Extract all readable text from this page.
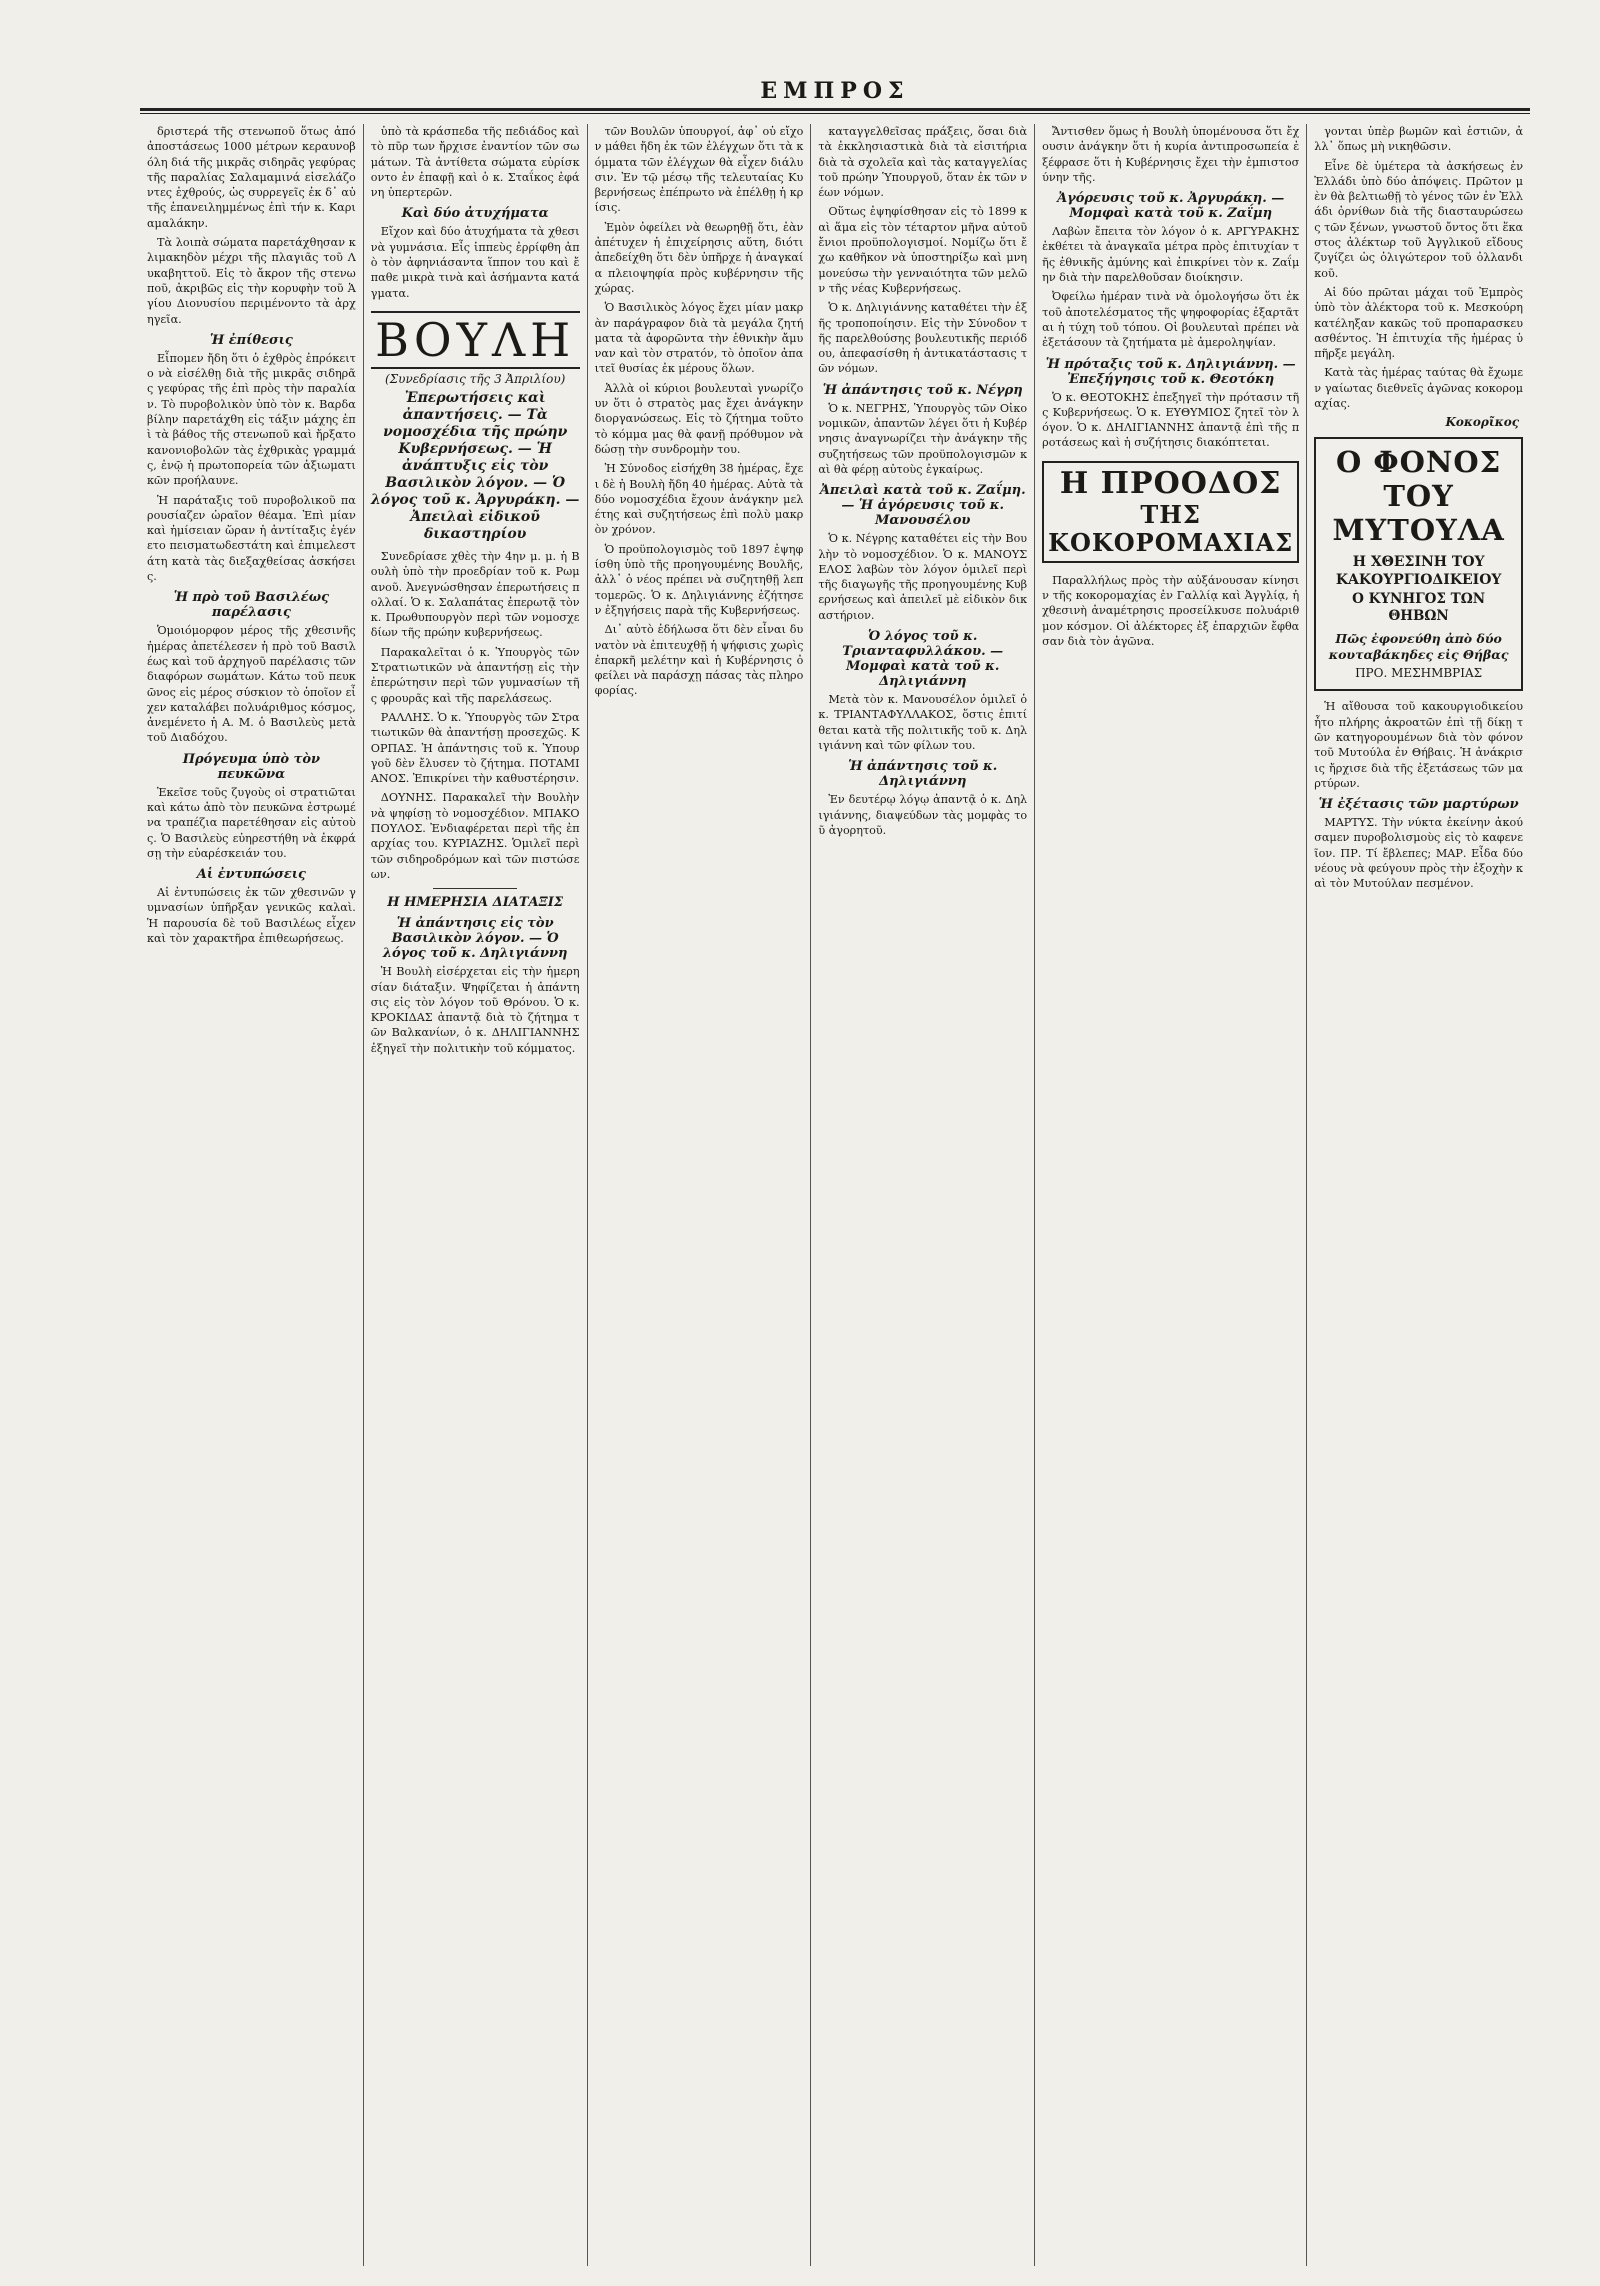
ΕΜΠΡΟΣ

δριστερά τῆς στενωποῦ ὅτως ἀπό ἀποστάσεως 1000 μέτρων κεραυνοβόλη διά τῆς μικρᾶς σιδηρᾶς γεφύρας τῆς παραλίας Σαλαμαμινά εἰσελάζοντες ἐχθρούς, ὡς συρρεγεῖς ἐκ δ᾽ αὐτῆς ἐπανειλημμένως ἐπὶ τήν κ. Καριαμαλάκην.

Τὰ λοιπὰ σώματα παρετάχθησαν κλιμακηδὸν μέχρι τῆς πλαγιᾶς τοῦ Λυκαβηττοῦ. Εἰς τὸ ἄκρον τῆς στενωποῦ, ἀκριβῶς εἰς τὴν κορυφὴν τοῦ Ἁγίου Διονυσίου περιμένοντο τὰ ἀρχηγεῖα.

Ἡ ἐπίθεσις

Εἶπομεν ἤδη ὅτι ὁ ἐχθρὸς ἐπρόκειτο νὰ εἰσέλθῃ διὰ τῆς μικρᾶς σιδηρᾶς γεφύρας τῆς ἐπὶ πρὸς τὴν παραλίαν. Τὸ πυροβολικὸν ὑπὸ τὸν κ. Βαρδαβίλην παρετάχθη εἰς τάξιν μάχης ἐπὶ τὰ βάθος τῆς στενωποῦ καὶ ἤρξατο κανονιοβολῶν τὰς ἐχθρικὰς γραμμάς, ἐνῷ ἡ πρωτοπορεία τῶν ἀξιωματικῶν προήλαυνε.

Ἡ παράταξις τοῦ πυροβολικοῦ παρουσίαζεν ὡραῖον θέαμα. Ἐπὶ μίαν καὶ ἡμίσειαν ὥραν ἡ ἀντίταξις ἐγένετο πεισματωδεστάτη καὶ ἐπιμελεστάτη κατὰ τὰς διεξαχθείσας ἀσκήσεις.

Ἡ πρὸ τοῦ Βασιλέως παρέλασις

Ὁμοιόμορφον μέρος τῆς χθεσινῆς ἡμέρας ἀπετέλεσεν ἡ πρὸ τοῦ Βασιλέως καὶ τοῦ ἀρχηγοῦ παρέλασις τῶν διαφόρων σωμάτων. Κάτω τοῦ πευκῶνος εἰς μέρος σύσκιον τὸ ὁποῖον εἶχεν καταλάβει πολυάριθμος κόσμος, ἀνεμένετο ἡ Α. Μ. ὁ Βασιλεὺς μετὰ τοῦ Διαδόχου.

Πρόγευμα ὑπὸ τὸν πευκῶνα

Ἐκεῖσε τοῦς ζυγοὺς οἱ στρατιῶται καὶ κάτω ἀπὸ τὸν πευκῶνα ἐστρωμένα τραπέζια παρετέθησαν εἰς αὐτοὺς. Ὁ Βασιλεὺς εὐηρεστήθη νὰ ἐκφράσῃ τὴν εὐαρέσκειάν του.

Αἱ ἐντυπώσεις

Αἱ ἐντυπώσεις ἐκ τῶν χθεσινῶν γυμνασίων ὑπῆρξαν γενικῶς καλαὶ. Ἡ παρουσία δὲ τοῦ Βασιλέως εἶχεν καὶ τὸν χαρακτῆρα ἐπιθεωρήσεως.

ὑπὸ τὰ κράσπεδα τῆς πεδιάδος καὶ τὸ πῦρ των ἤρχισε ἐναντίον τῶν σωμάτων. Τὰ ἀντίθετα σώματα εὑρίσκοντο ἐν ἐπαφῇ καὶ ὁ κ. Σταΐκος ἐφάνη ὑπερτερῶν.

Καὶ δύο ἀτυχήματα

Εἴχον καὶ δύο ἀτυχήματα τὰ χθεσινὰ γυμνάσια. Εἷς ἱππεὺς ἐρρίφθη ἀπὸ τὸν ἀφηνιάσαντα ἵππον του καὶ ἔπαθε μικρὰ τινὰ καὶ ἀσήμαντα κατάγματα.

ΒΟΥΛΗ
(Συνεδρίασις τῆς 3 Ἀπριλίου)
Ἐπερωτήσεις καὶ ἀπαντήσεις. — Τὰ νομοσχέδια τῆς πρώην Κυβερνήσεως. — Ἡ ἀνάπτυξις εἰς τὸν Βασιλικὸν λόγον. — Ὁ λόγος τοῦ κ. Ἀργυράκη. — Ἀπειλαὶ εἰδικοῦ δικαστηρίου

Συνεδρίασε χθὲς τὴν 4ην μ. μ. ἡ Βουλὴ ὑπὸ τὴν προεδρίαν τοῦ κ. Ρωμανοῦ. Ἀνεγνώσθησαν ἐπερωτήσεις πολλαί. Ὁ κ. Σαλαπάτας ἐπερωτᾷ τὸν κ. Πρωθυπουργὸν περὶ τῶν νομοσχεδίων τῆς πρώην κυβερνήσεως.

Παρακαλεῖται ὁ κ. Ὑπουργὸς τῶν Στρατιωτικῶν νὰ ἀπαντήσῃ εἰς τὴν ἐπερώτησιν περὶ τῶν γυμνασίων τῆς φρουρᾶς καὶ τῆς παρελάσεως.

ΡΑΛΛΗΣ. Ὁ κ. Ὑπουργὸς τῶν Στρατιωτικῶν θὰ ἀπαντήσῃ προσεχῶς. ΚΟΡΠΑΣ. Ἡ ἀπάντησις τοῦ κ. Ὑπουργοῦ δὲν ἔλυσεν τὸ ζήτημα. ΠΟΤΑΜΙΑΝΟΣ. Ἐπικρίνει τὴν καθυστέρησιν.

ΔΟΥΝΗΣ. Παρακαλεῖ τὴν Βουλὴν νὰ ψηφίσῃ τὸ νομοσχέδιον. ΜΠΑΚΟΠΟΥΛΟΣ. Ἐνδιαφέρεται περὶ τῆς ἐπαρχίας του. ΚΥΡΙΑΖΗΣ. Ὁμιλεῖ περὶ τῶν σιδηροδρόμων καὶ τῶν πιστώσεων.

Η ΗΜΕΡΗΣΙΑ ΔΙΑΤΑΞΙΣ
Ἡ ἀπάντησις εἰς τὸν Βασιλικὸν λόγον. — Ὁ λόγος τοῦ κ. Δηλιγιάννη

Ἡ Βουλὴ εἰσέρχεται εἰς τὴν ἡμερησίαν διάταξιν. Ψηφίζεται ἡ ἀπάντησις εἰς τὸν λόγον τοῦ Θρόνου. Ὁ κ. ΚΡΟΚΙΔΑΣ ἀπαντᾷ διὰ τὸ ζήτημα τῶν Βαλκανίων, ὁ κ. ΔΗΛΙΓΙΑΝΝΗΣ ἐξηγεῖ τὴν πολιτικὴν τοῦ κόμματος.

τῶν Βουλῶν ὑπουργοί, ἀφ᾽ οὐ εἴχον μάθει ἤδη ἐκ τῶν ἐλέγχων ὅτι τὰ κόμματα τῶν ἐλέγχων θὰ εἶχεν διάλυσιν. Ἐν τῷ μέσῳ τῆς τελευταίας Κυβερνήσεως ἐπέπρωτο νὰ ἐπέλθῃ ἡ κρίσις.

Ἐμὸν ὀφείλει νὰ θεωρηθῇ ὅτι, ἐὰν ἀπέτυχεν ἡ ἐπιχείρησις αὕτη, διότι ἀπεδείχθη ὅτι δὲν ὑπῆρχε ἡ ἀναγκαία πλειοψηφία πρὸς κυβέρνησιν τῆς χώρας.

Ὁ Βασιλικὸς λόγος ἔχει μίαν μακρὰν παράγραφον διὰ τὰ μεγάλα ζητήματα τὰ ἀφορῶντα τὴν ἐθνικὴν ἄμυναν καὶ τὸν στρατόν, τὸ ὁποῖον ἀπαιτεῖ θυσίας ἐκ μέρους ὅλων.

Ἀλλὰ οἱ κύριοι βουλευταὶ γνωρίζουν ὅτι ὁ στρατὸς μας ἔχει ἀνάγκην διοργανώσεως. Εἰς τὸ ζήτημα τοῦτο τὸ κόμμα μας θὰ φανῇ πρόθυμον νὰ δώσῃ τὴν συνδρομὴν του.

Ἡ Σύνοδος εἰσήχθη 38 ἡμέρας, ἔχει δὲ ἡ Βουλὴ ἤδη 40 ἡμέρας. Αὐτὰ τὰ δύο νομοσχέδια ἔχουν ἀνάγκην μελέτης καὶ συζητήσεως ἐπὶ πολὺ μακρὸν χρόνον.

Ὁ προϋπολογισμὸς τοῦ 1897 ἐψηφίσθη ὑπὸ τῆς προηγουμένης Βουλῆς, ἀλλ᾽ ὁ νέος πρέπει νὰ συζητηθῇ λεπτομερῶς. Ὁ κ. Δηλιγιάννης ἐζήτησεν ἐξηγήσεις παρὰ τῆς Κυβερνήσεως.

Δι᾽ αὐτὸ ἐδήλωσα ὅτι δὲν εἶναι δυνατὸν νὰ ἐπιτευχθῇ ἡ ψήφισις χωρὶς ἐπαρκῆ μελέτην καὶ ἡ Κυβέρνησις ὀφείλει νὰ παράσχῃ πάσας τὰς πληροφορίας.

καταγγελθεῖσας πράξεις, ὅσαι διὰ τὰ ἐκκλησιαστικὰ διὰ τὰ εἰσιτήρια διὰ τὰ σχολεῖα καὶ τὰς καταγγελίας τοῦ πρώην Ὑπουργοῦ, ὅταν ἐκ τῶν νέων νόμων.

Οὕτως ἐψηφίσθησαν εἰς τὸ 1899 καὶ ἅμα εἰς τὸν τέταρτον μῆνα αὐτοῦ ἔνιοι προϋπολογισμοί. Νομίζω ὅτι ἔχω καθῆκον νὰ ὑποστηρίξω καὶ μνημονεύσω τὴν γενναιότητα τῶν μελῶν τῆς νέας Κυβερνήσεως.

Ὁ κ. Δηλιγιάννης καταθέτει τὴν ἑξῆς τροποποίησιν. Εἰς τὴν Σύνοδον τῆς παρελθούσης βουλευτικῆς περιόδου, ἀπεφασίσθη ἡ ἀντικατάστασις τῶν νόμων.

Ἡ ἀπάντησις τοῦ κ. Νέγρη

Ὁ κ. ΝΕΓΡΗΣ, Ὑπουργὸς τῶν Οἰκονομικῶν, ἀπαντῶν λέγει ὅτι ἡ Κυβέρνησις ἀναγνωρίζει τὴν ἀνάγκην τῆς συζητήσεως τῶν προϋπολογισμῶν καὶ θὰ φέρῃ αὐτοὺς ἐγκαίρως.

Ἀπειλαὶ κατὰ τοῦ κ. Ζαΐμη. — Ἡ ἀγόρευσις τοῦ κ. Μανουσέλου

Ὁ κ. Νέγρης καταθέτει εἰς τὴν Βουλὴν τὸ νομοσχέδιον. Ὁ κ. ΜΑΝΟΥΣΕΛΟΣ λαβὼν τὸν λόγον ὁμιλεῖ περὶ τῆς διαγωγῆς τῆς προηγουμένης Κυβερνήσεως καὶ ἀπειλεῖ μὲ εἰδικὸν δικαστήριον.

Ὁ λόγος τοῦ κ. Τριανταφυλλάκου. — Μομφαὶ κατὰ τοῦ κ. Δηλιγιάννη

Μετὰ τὸν κ. Μανουσέλον ὁμιλεῖ ὁ κ. ΤΡΙΑΝΤΑΦΥΛΛΑΚΟΣ, ὅστις ἐπιτίθεται κατὰ τῆς πολιτικῆς τοῦ κ. Δηλιγιάννη καὶ τῶν φίλων του.

Ἡ ἀπάντησις τοῦ κ. Δηλιγιάννη

Ἐν δευτέρῳ λόγῳ ἀπαντᾷ ὁ κ. Δηλιγιάννης, διαψεύδων τὰς μομφὰς τοῦ ἀγορητοῦ.

Ἄντισθεν ὅμως ἡ Βουλὴ ὑπομένουσα ὅτι ἔχουσιν ἀνάγκην ὅτι ἡ κυρία ἀντιπροσωπεία ἐξέφρασε ὅτι ἡ Κυβέρνησις ἔχει τὴν ἐμπιστοσύνην τῆς.

Ἀγόρευσις τοῦ κ. Ἀργυράκη. — Μομφαὶ κατὰ τοῦ κ. Ζαΐμη

Λαβὼν ἔπειτα τὸν λόγον ὁ κ. ΑΡΓΥΡΑΚΗΣ ἐκθέτει τὰ ἀναγκαῖα μέτρα πρὸς ἐπιτυχίαν τῆς ἐθνικῆς ἀμύνης καὶ ἐπικρίνει τὸν κ. Ζαΐμην διὰ τὴν παρελθοῦσαν διοίκησιν.

Ὀφείλω ἡμέραν τινὰ νὰ ὁμολογήσω ὅτι ἐκ τοῦ ἀποτελέσματος τῆς ψηφοφορίας ἐξαρτᾶται ἡ τύχη τοῦ τόπου. Οἱ βουλευταὶ πρέπει νὰ ἐξετάσουν τὰ ζητήματα μὲ ἀμεροληψίαν.

Ἡ πρόταξις τοῦ κ. Δηλιγιάννη. — Ἐπεξήγησις τοῦ κ. Θεοτόκη

Ὁ κ. ΘΕΟΤΟΚΗΣ ἐπεξηγεῖ τὴν πρότασιν τῆς Κυβερνήσεως. Ὁ κ. ΕΥΘΥΜΙΟΣ ζητεῖ τὸν λόγον. Ὁ κ. ΔΗΛΙΓΙΑΝΝΗΣ ἀπαντᾷ ἐπὶ τῆς προτάσεως καὶ ἡ συζήτησις διακόπτεται.

Η ΠΡΟΟΔΟΣ
ΤΗΣ ΚΟΚΟΡΟΜΑΧΙΑΣ

Παραλλήλως πρὸς τὴν αὐξάνουσαν κίνησιν τῆς κοκορομαχίας ἐν Γαλλίᾳ καὶ Ἀγγλίᾳ, ἡ χθεσινὴ ἀναμέτρησις προσείλκυσε πολυάριθμον κόσμον. Οἱ ἀλέκτορες ἐξ ἐπαρχιῶν ἔφθασαν διὰ τὸν ἀγῶνα.

γονται ὑπὲρ βωμῶν καὶ ἑστιῶν, ἀλλ᾽ ὅπως μὴ νικηθῶσιν.

Εἶνε δὲ ὑμέτερα τὰ ἀσκήσεως ἐν Ἑλλάδι ὑπὸ δύο ἀπόψεις. Πρῶτον μὲν θὰ βελτιωθῇ τὸ γένος τῶν ἐν Ἑλλάδι ὀρνίθων διὰ τῆς διασταυρώσεως τῶν ξένων, γνωστοῦ ὄντος ὅτι ἕκαστος ἀλέκτωρ τοῦ Ἀγγλικοῦ εἴδους ζυγίζει ὡς ὀλιγώτερον τοῦ ὀλλανδικοῦ.

Αἱ δύο πρῶται μάχαι τοῦ Ἐμπρὸς ὑπὸ τὸν ἀλέκτορα τοῦ κ. Μεσκούρη κατέληξαν κακῶς τοῦ προπαρασκευασθέντος. Ἡ ἐπιτυχία τῆς ἡμέρας ὑπῆρξε μεγάλη.

Κατὰ τὰς ἡμέρας ταύτας θὰ ἔχωμεν γαίωτας διεθνεῖς ἀγῶνας κοκορομαχίας.

Κοκορῖκος
Ο ΦΟΝΟΣ ΤΟΥ ΜΥΤΟΥΛΑ
Η ΧΘΕΣΙΝΗ ΤΟΥ ΚΑΚΟΥΡΓΙΟΔΙΚΕΙΟΥ
Ο ΚΥΝΗΓΟΣ ΤΩΝ ΘΗΒΩΝ
Πῶς ἐφονεύθη ἀπὸ δύο κουταβάκηδες εἰς Θήβας
ΠΡΟ. ΜΕΣΗΜΒΡΙΑΣ

Ἡ αἴθουσα τοῦ κακουργιοδικείου ἦτο πλήρης ἀκροατῶν ἐπὶ τῇ δίκῃ τῶν κατηγορουμένων διὰ τὸν φόνον τοῦ Μυτούλα ἐν Θήβαις. Ἡ ἀνάκρισις ἤρχισε διὰ τῆς ἐξετάσεως τῶν μαρτύρων.

Ἡ ἐξέτασις τῶν μαρτύρων

ΜΑΡΤΥΣ. Τὴν νύκτα ἐκείνην ἀκούσαμεν πυροβολισμοὺς εἰς τὸ καφενεῖον. ΠΡ. Τί ἔβλεπες; ΜΑΡ. Εἶδα δύο νέους νὰ φεύγουν πρὸς τὴν ἐξοχὴν καὶ τὸν Μυτούλαν πεσμένον.
